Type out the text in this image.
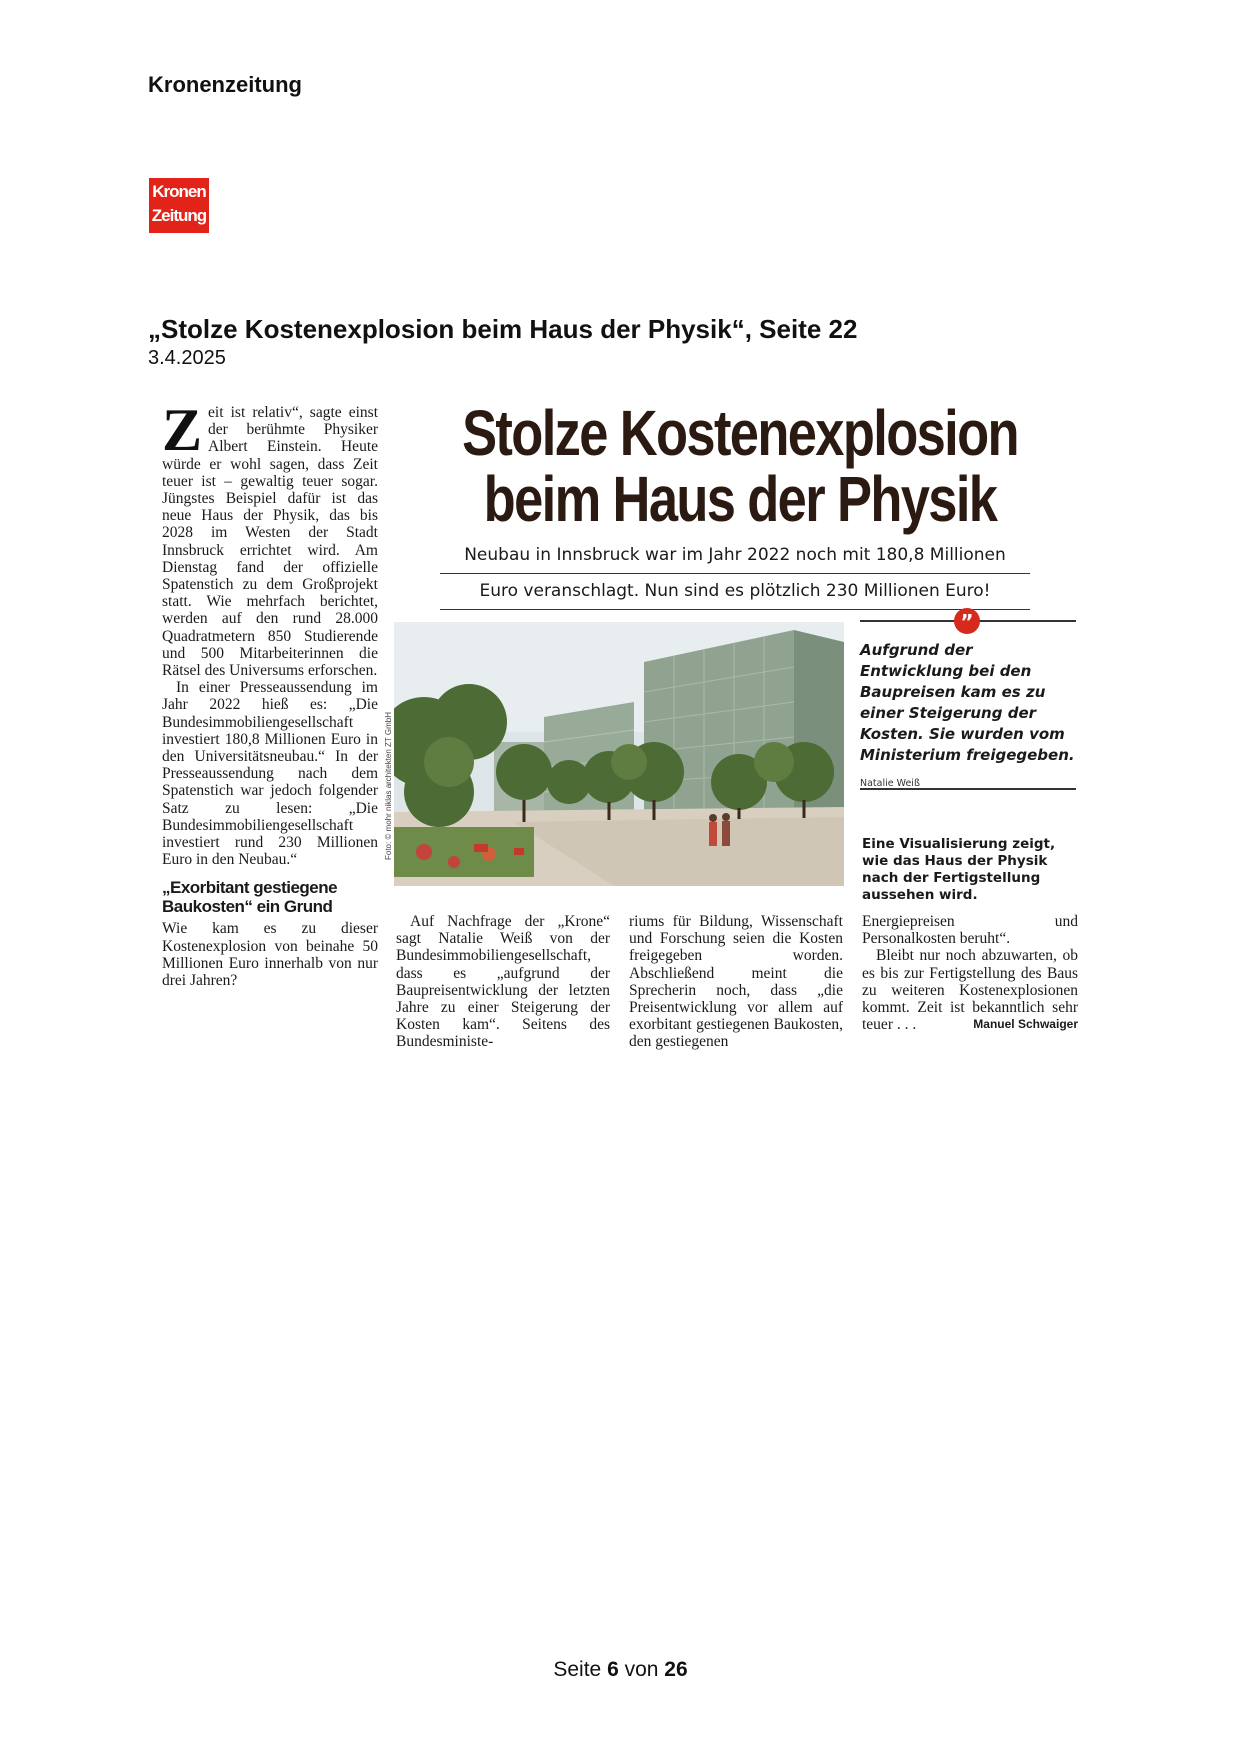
Kronenzeitung
Kronen
Zeitung
„Stolze Kostenexplosion beim Haus der Physik“, Seite 22
3.4.2025

Zeit ist relativ“, sagte einst der berühmte Physiker Albert Einstein. Heute würde er wohl sagen, dass Zeit teuer ist – gewaltig teuer sogar. Jüngstes Beispiel dafür ist das neue Haus der Physik, das bis 2028 im Westen der Stadt Innsbruck errichtet wird. Am Dienstag fand der offizielle Spatenstich zu dem Großprojekt statt. Wie mehrfach berichtet, werden auf den rund 28.000 Quadratmetern 850 Studierende und 500 Mitarbeiterinnen die Rätsel des Universums erforschen.

In einer Presseaussendung im Jahr 2022 hieß es: „Die Bundesimmobiliengesellschaft investiert 180,8 Millionen Euro in den Universitätsneubau.“ In der Presseaussendung nach dem Spatenstich war jedoch folgender Satz zu lesen: „Die Bundesimmobiliengesellschaft investiert rund 230 Millionen Euro in den Neubau.“

„Exorbitant gestiegene Baukosten“ ein Grund

Wie kam es zu dieser Kostenexplosion von beinahe 50 Millionen Euro innerhalb von nur drei Jahren?

Stolze Kostenexplosion
beim Haus der Physik
Neubau in Innsbruck war im Jahr 2022 noch mit 180,8 Millionen
Euro veranschlagt. Nun sind es plötzlich 230 Millionen Euro!
Foto: © mohr niklas architekten ZT GmbH
”
Aufgrund der Entwicklung bei den Baupreisen kam es zu einer Steigerung der Kosten. Sie wurden vom Ministerium freigegeben.
Natalie Weiß
Eine Visualisierung zeigt, wie das Haus der Physik nach der Fertigstellung aussehen wird.

Auf Nachfrage der „Krone“ sagt Natalie Weiß von der Bundesimmobiliengesellschaft, dass es „aufgrund der Baupreisentwicklung der letzten Jahre zu einer Steigerung der Kosten kam“. Seitens des Bundesministe-

riums für Bildung, Wissenschaft und Forschung seien die Kosten freigegeben worden. Abschließend meint die Sprecherin noch, dass „die Preisentwicklung vor allem auf exorbitant gestiegenen Baukosten, den gestiegenen

Energiepreisen und Personalkosten beruht“.

Bleibt nur noch abzuwarten, ob es bis zur Fertigstellung des Baus zu weiteren Kostenexplosionen kommt. Zeit ist bekanntlich sehr teuer . . .	Manuel Schwaiger

Seite 6 von 26
